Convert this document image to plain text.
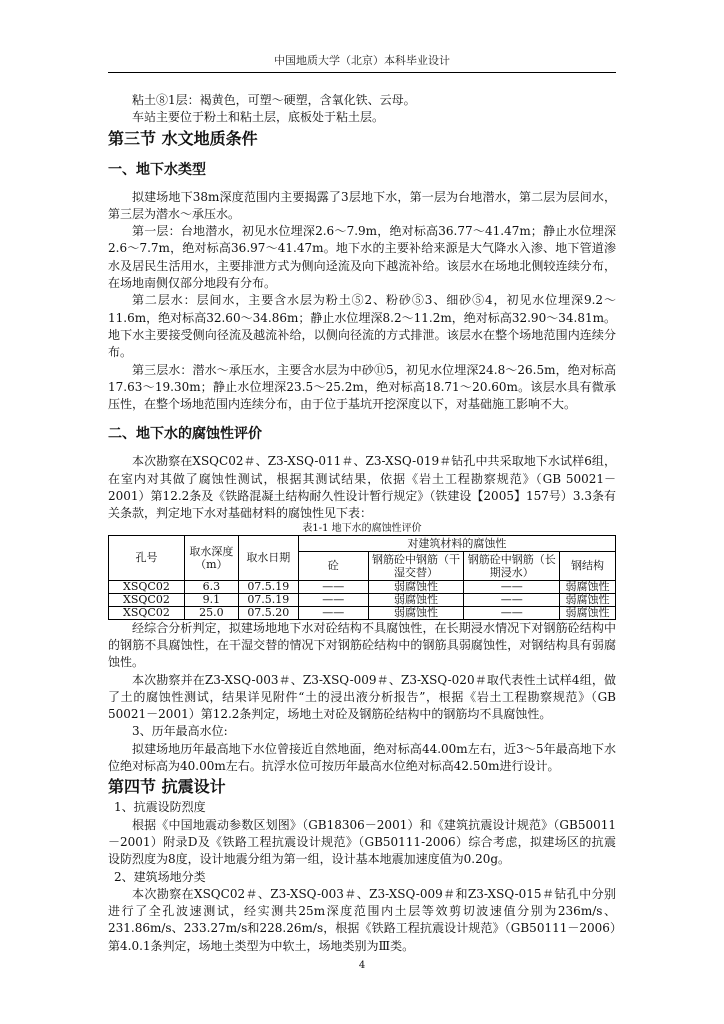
中国地质大学（北京）本科毕业设计

粘土⑧1层：褐黄色，可塑～硬塑，含氧化铁、云母。

车站主要位于粉土和粘土层，底板处于粘土层。

第三节 水文地质条件
一、地下水类型

拟建场地下38m深度范围内主要揭露了3层地下水，第一层为台地潜水，第二层为层间水，第三层为潜水～承压水。

第一层：台地潜水，初见水位埋深2.6～7.9m，绝对标高36.77～41.47m；静止水位埋深2.6～7.7m，绝对标高36.97～41.47m。地下水的主要补给来源是大气降水入渗、地下管道渗水及居民生活用水，主要排泄方式为侧向迳流及向下越流补给。该层水在场地北侧较连续分布，在场地南侧仅部分地段有分布。

第二层水：层间水，主要含水层为粉土⑤2、粉砂⑤3、细砂⑤4，初见水位埋深9.2～11.6m，绝对标高32.60～34.86m；静止水位埋深8.2～11.2m，绝对标高32.90～34.81m。地下水主要接受侧向径流及越流补给，以侧向径流的方式排泄。该层水在整个场地范围内连续分布。

第三层水：潜水～承压水，主要含水层为中砂⑪5，初见水位埋深24.8～26.5m，绝对标高17.63～19.30m；静止水位埋深23.5～25.2m，绝对标高18.71～20.60m。该层水具有微承压性，在整个场地范围内连续分布，由于位于基坑开挖深度以下，对基础施工影响不大。

二、地下水的腐蚀性评价

本次勘察在XSQC02＃、Z3-XSQ-011＃、Z3-XSQ-019＃钻孔中共采取地下水试样6组，在室内对其做了腐蚀性测试，根据其测试结果，依据《岩土工程勘察规范》（GB 50021－2001）第12.2条及《铁路混凝土结构耐久性设计暂行规定》（铁建设【2005】157号）3.3条有关条款，判定地下水对基础材料的腐蚀性见下表：

表1-1 地下水的腐蚀性评价

孔号	取水深度（m）	取水日期	对建筑材料的腐蚀性			
			砼	钢筋砼中钢筋（干湿交替）	钢筋砼中钢筋（长期浸水）	钢结构
XSQC02	6.3	07.5.19	——	弱腐蚀性	——	弱腐蚀性
XSQC02	9.1	07.5.19	——	弱腐蚀性	——	弱腐蚀性
XSQC02	25.0	07.5.20	——	弱腐蚀性	——	弱腐蚀性

经综合分析判定，拟建场地地下水对砼结构不具腐蚀性，在长期浸水情况下对钢筋砼结构中的钢筋不具腐蚀性，在干湿交替的情况下对钢筋砼结构中的钢筋具弱腐蚀性，对钢结构具有弱腐蚀性。

本次勘察并在Z3-XSQ-003＃、Z3-XSQ-009＃、Z3-XSQ-020＃取代表性土试样4组，做了土的腐蚀性测试，结果详见附件“土的浸出液分析报告”，根据《岩土工程勘察规范》（GB 50021－2001）第12.2条判定，场地土对砼及钢筋砼结构中的钢筋均不具腐蚀性。

3、历年最高水位:

拟建场地历年最高地下水位曾接近自然地面，绝对标高44.00m左右，近3～5年最高地下水位绝对标高为40.00m左右。抗浮水位可按历年最高水位绝对标高42.50m进行设计。

第四节 抗震设计

1、抗震设防烈度

根据《中国地震动参数区划图》（GB18306－2001）和《建筑抗震设计规范》（GB50011－2001）附录D及《铁路工程抗震设计规范》（GB50111-2006）综合考虑，拟建场区的抗震设防烈度为8度，设计地震分组为第一组，设计基本地震加速度值为0.20g。

2、建筑场地分类

本次勘察在XSQC02＃、Z3-XSQ-003＃、Z3-XSQ-009＃和Z3-XSQ-015＃钻孔中分别进行了全孔波速测试，经实测共25m深度范围内土层等效剪切波速值分别为236m/s、231.86m/s、233.27m/s和228.26m/s，根据《铁路工程抗震设计规范》（GB50111－2006）第4.0.1条判定，场地土类型为中软土，场地类别为Ⅲ类。

4
